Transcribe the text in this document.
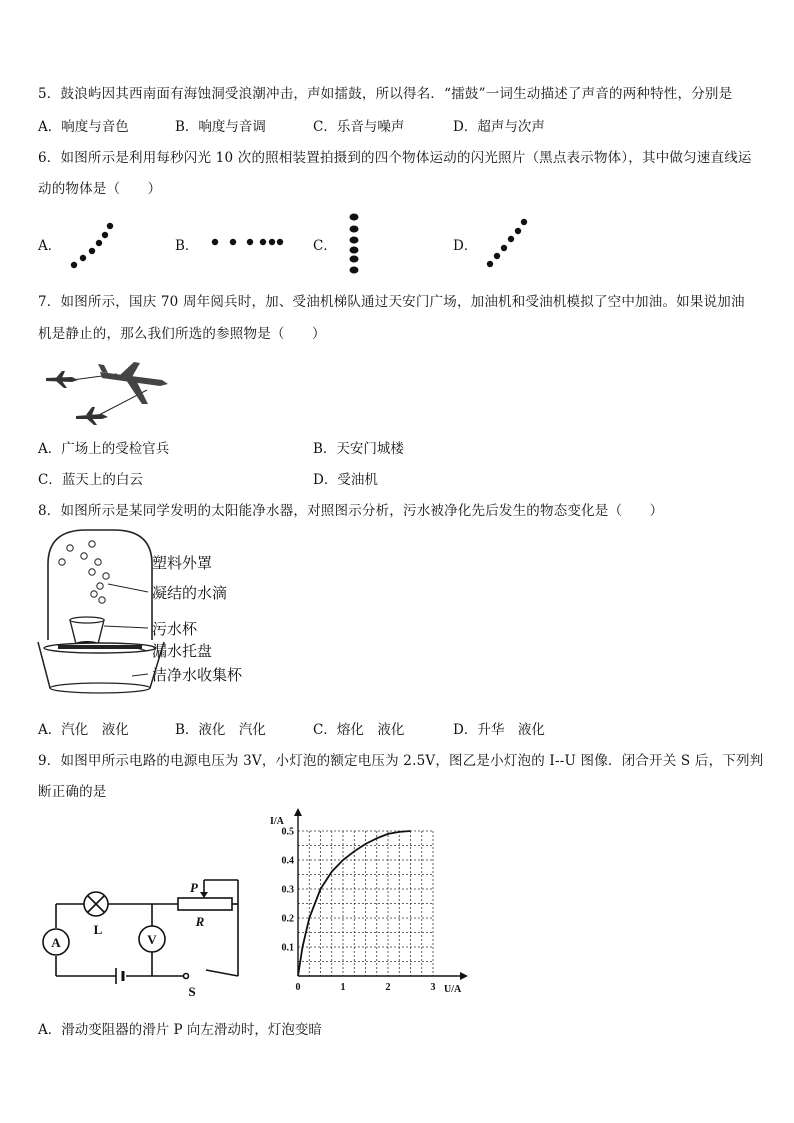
5．鼓浪屿因其西南面有海蚀洞受浪潮冲击，声如擂鼓，所以得名．“擂鼓”一词生动描述了声音的两种特性，分别是
A．响度与音色	B．响度与音调	C．乐音与噪声	D．超声与次声
6．如图所示是利用每秒闪光 10 次的照相装置拍摄到的四个物体运动的闪光照片（黑点表示物体），其中做匀速直线运
动的物体是（　　）
A．	B．	C．	D．
7．如图所示，国庆 70 周年阅兵时，加、受油机梯队通过天安门广场，加油机和受油机模拟了空中加油。如果说加油
机是静止的，那么我们所选的参照物是（　　）
A．广场上的受检官兵	B．天安门城楼
C．蓝天上的白云	D．受油机
8．如图所示是某同学发明的太阳能净水器，对照图示分析，污水被净化先后发生的物态变化是（　　）
塑料外罩
凝结的水滴
污水杯
漏水托盘
洁净水收集杯
A．汽化　液化	B．液化　汽化	C．熔化　液化	D．升华　液化
9．如图甲所示电路的电源电压为 3V，小灯泡的额定电压为 2.5V，图乙是小灯泡的 I--U 图像．闭合开关 S 后，下列判
断正确的是
A	V
L
P
R
S	0	1	2	3
0.1
0.2
0.3
0.4
0.5
I/A
U/A
A．滑动变阻器的滑片 P 向左滑动时，灯泡变暗
